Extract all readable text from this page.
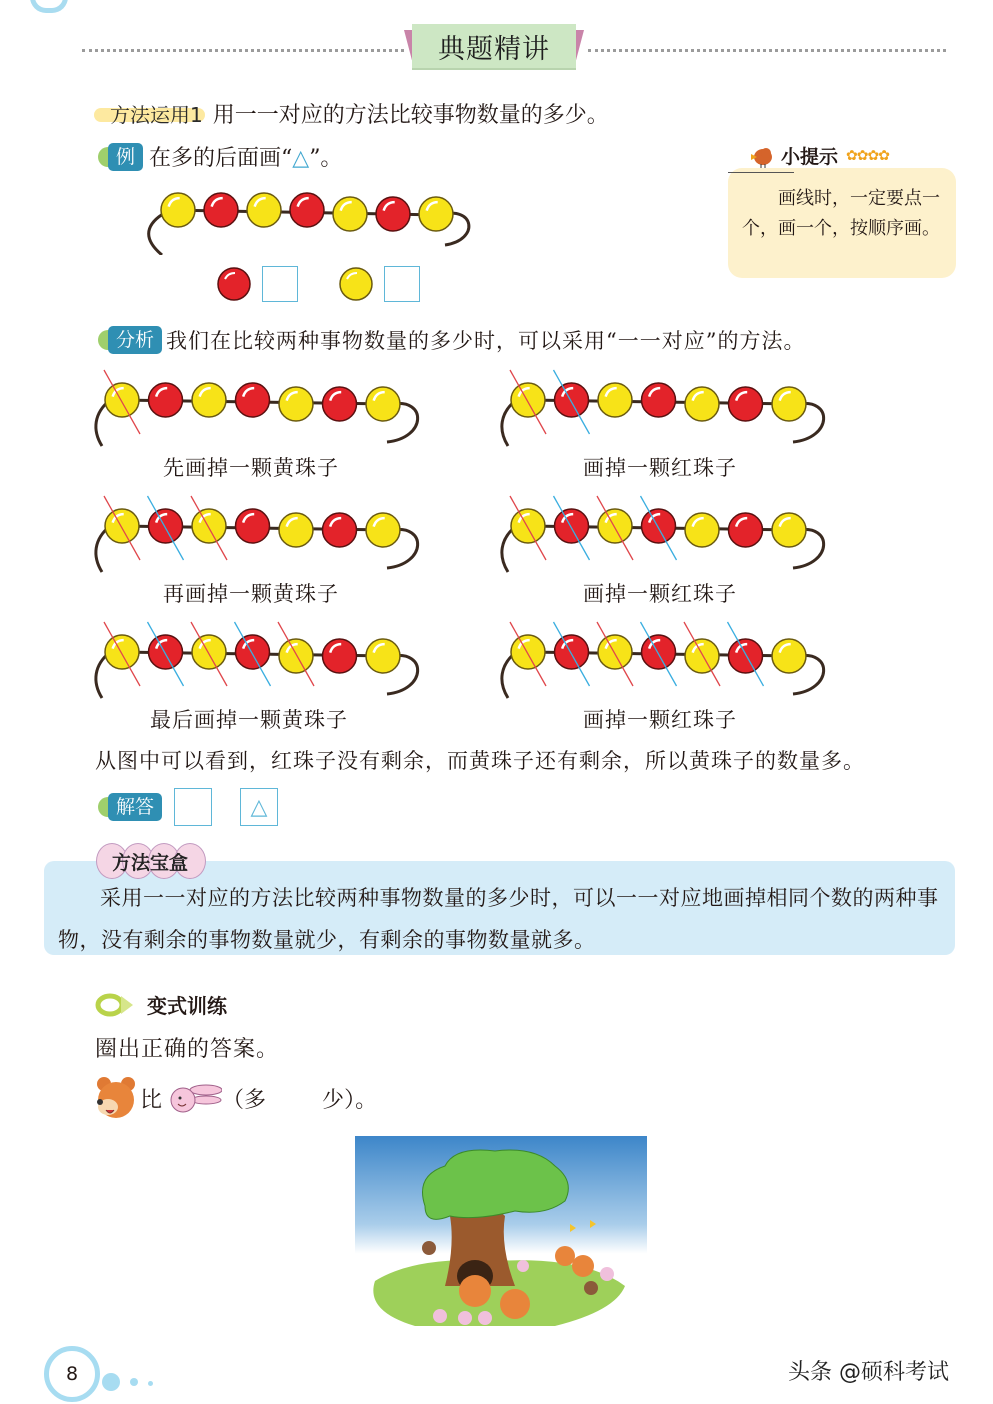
典题精讲
方法运用1 用一一对应的方法比较事物数量的多少。
例 在多的后面画“△”。	小提示 ✿✿✿✿
画线时，一定要点一个，画一个，按顺序画。
分析 我们在比较两种事物数量的多少时，可以采用“一一对应”的方法。
先画掉一颗黄珠子	画掉一颗红珠子
再画掉一颗黄珠子	画掉一颗红珠子
最后画掉一颗黄珠子	画掉一颗红珠子
从图中可以看到，红珠子没有剩余，而黄珠子还有剩余，所以黄珠子的数量多。
解答	△
方法宝盒
采用一一对应的方法比较两种事物数量的多少时，可以一一对应地画掉相同个数的两种事物，没有剩余的事物数量就少，有剩余的事物数量就多。
变式训练
圈出正确的答案。
比	（ 多	少 ）。
8	头条 @硕科考试
